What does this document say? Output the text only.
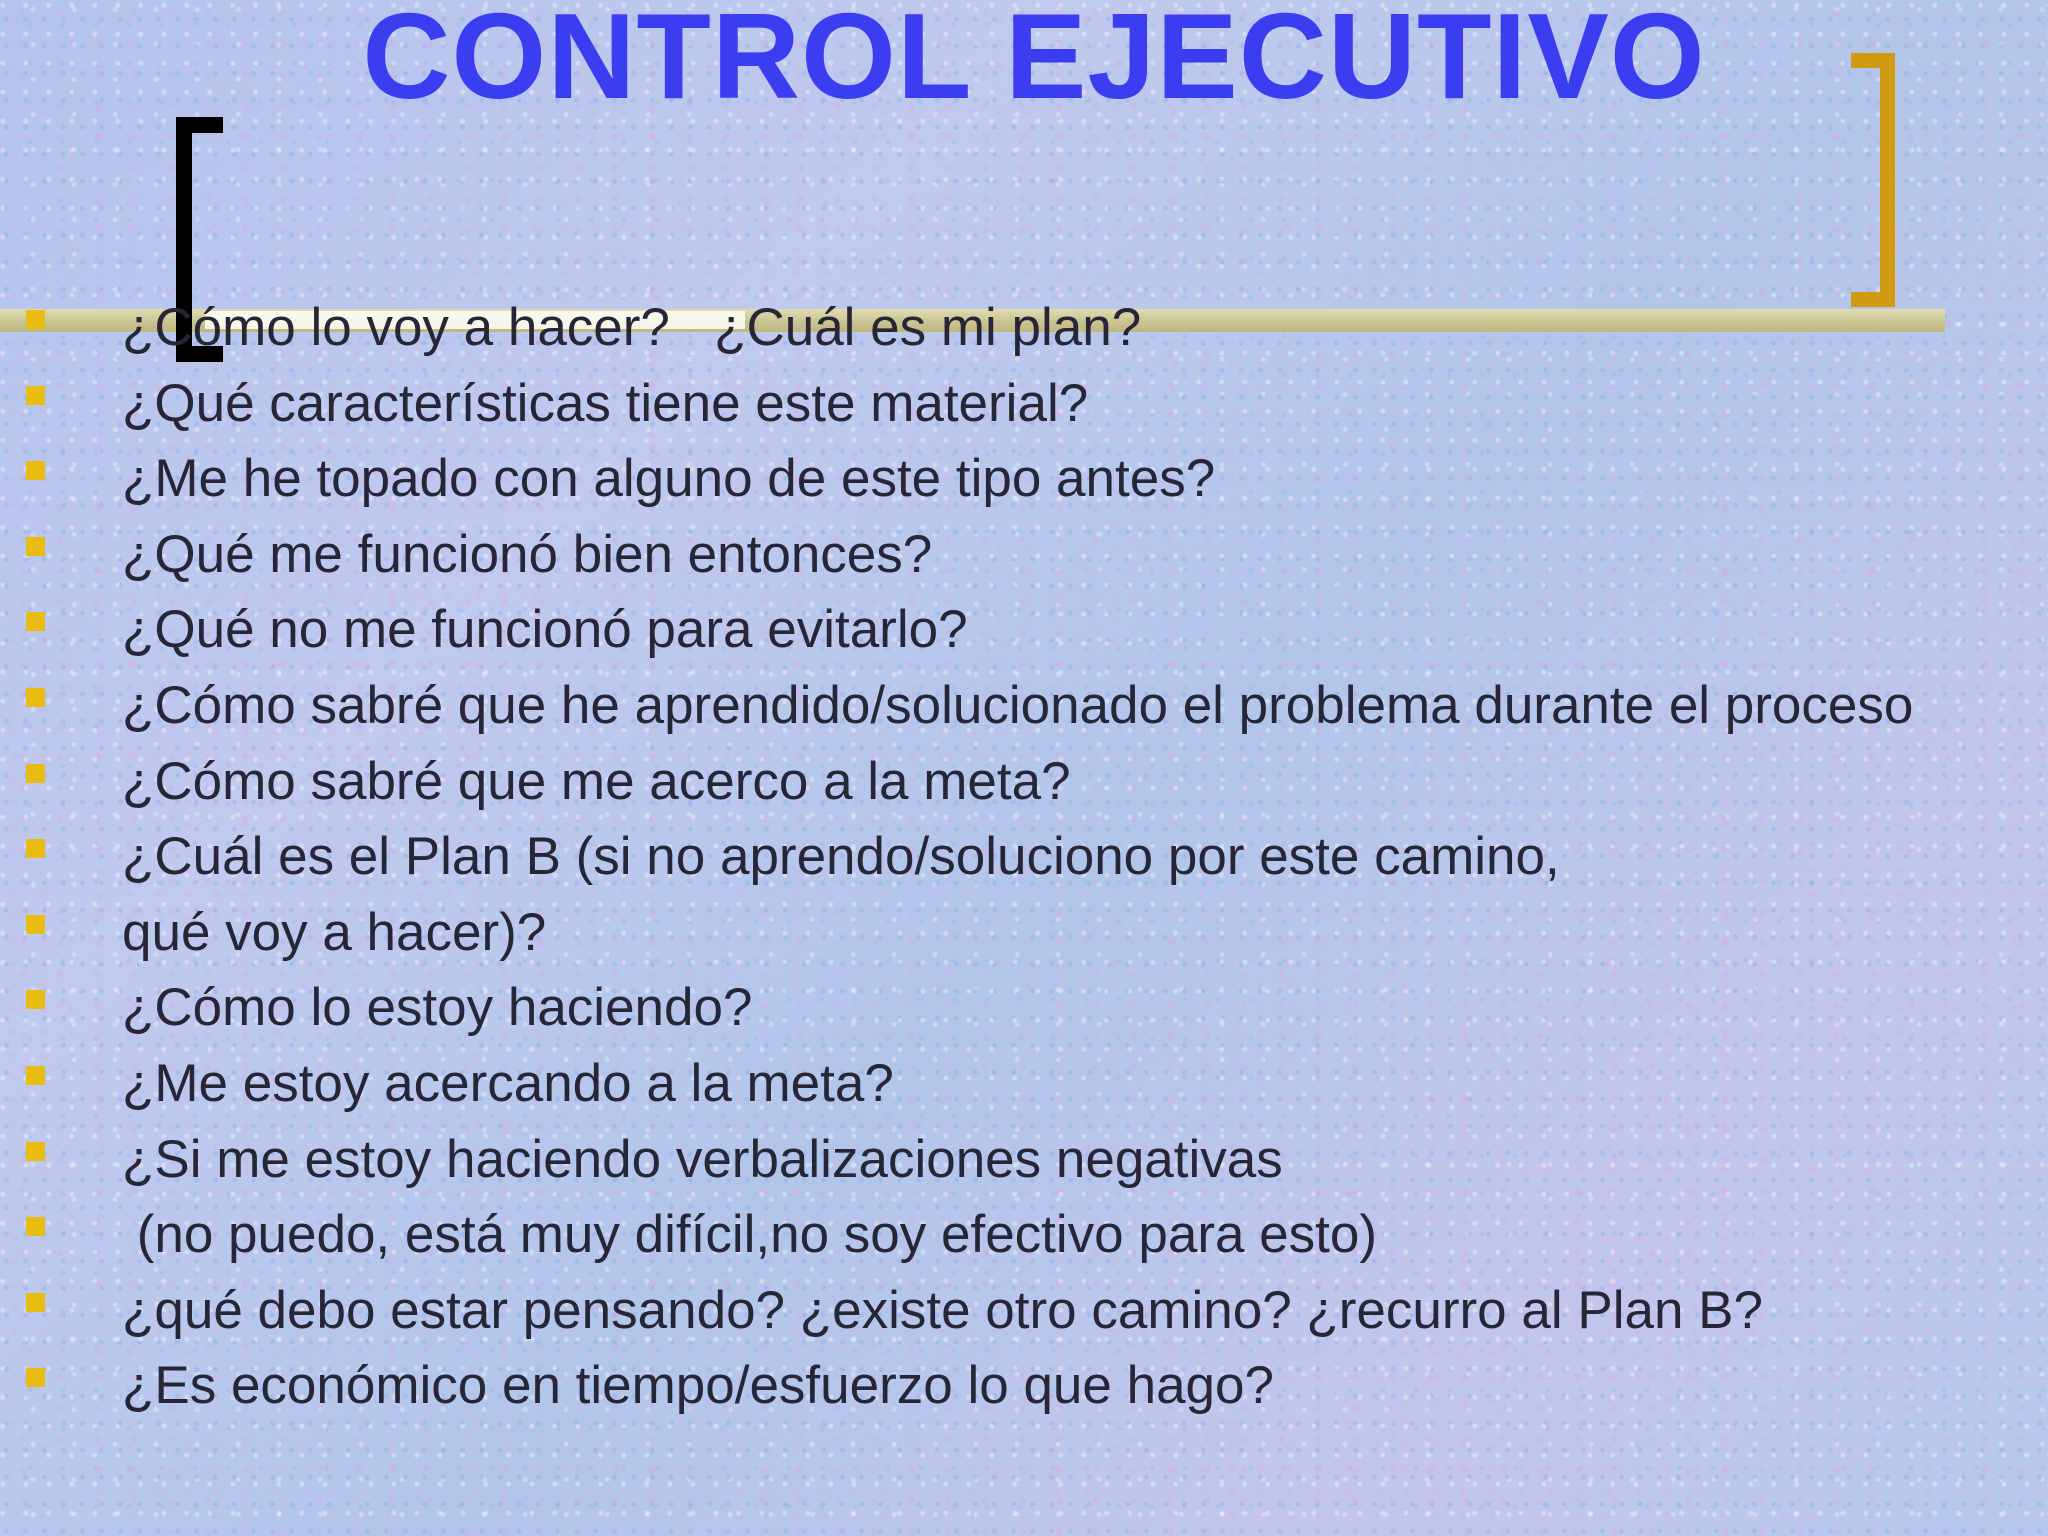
CONTROL EJECUTIVO
¿Cómo lo voy a hacer?   ¿Cuál es mi plan?
¿Qué características tiene este material?
¿Me he topado con alguno de este tipo antes?
¿Qué me funcionó bien entonces?
¿Qué no me funcionó para evitarlo?
¿Cómo sabré que he aprendido/solucionado el problema durante el proceso
¿Cómo sabré que me acerco a la meta?
¿Cuál es el Plan B (si no aprendo/soluciono por este camino,
qué voy a hacer)?
¿Cómo lo estoy haciendo?
¿Me estoy acercando a la meta?
¿Si me estoy haciendo verbalizaciones negativas
(no puedo, está muy difícil,no soy efectivo para esto)
¿qué debo estar pensando? ¿existe otro camino? ¿recurro al Plan B?
¿Es económico en tiempo/esfuerzo lo que hago?
